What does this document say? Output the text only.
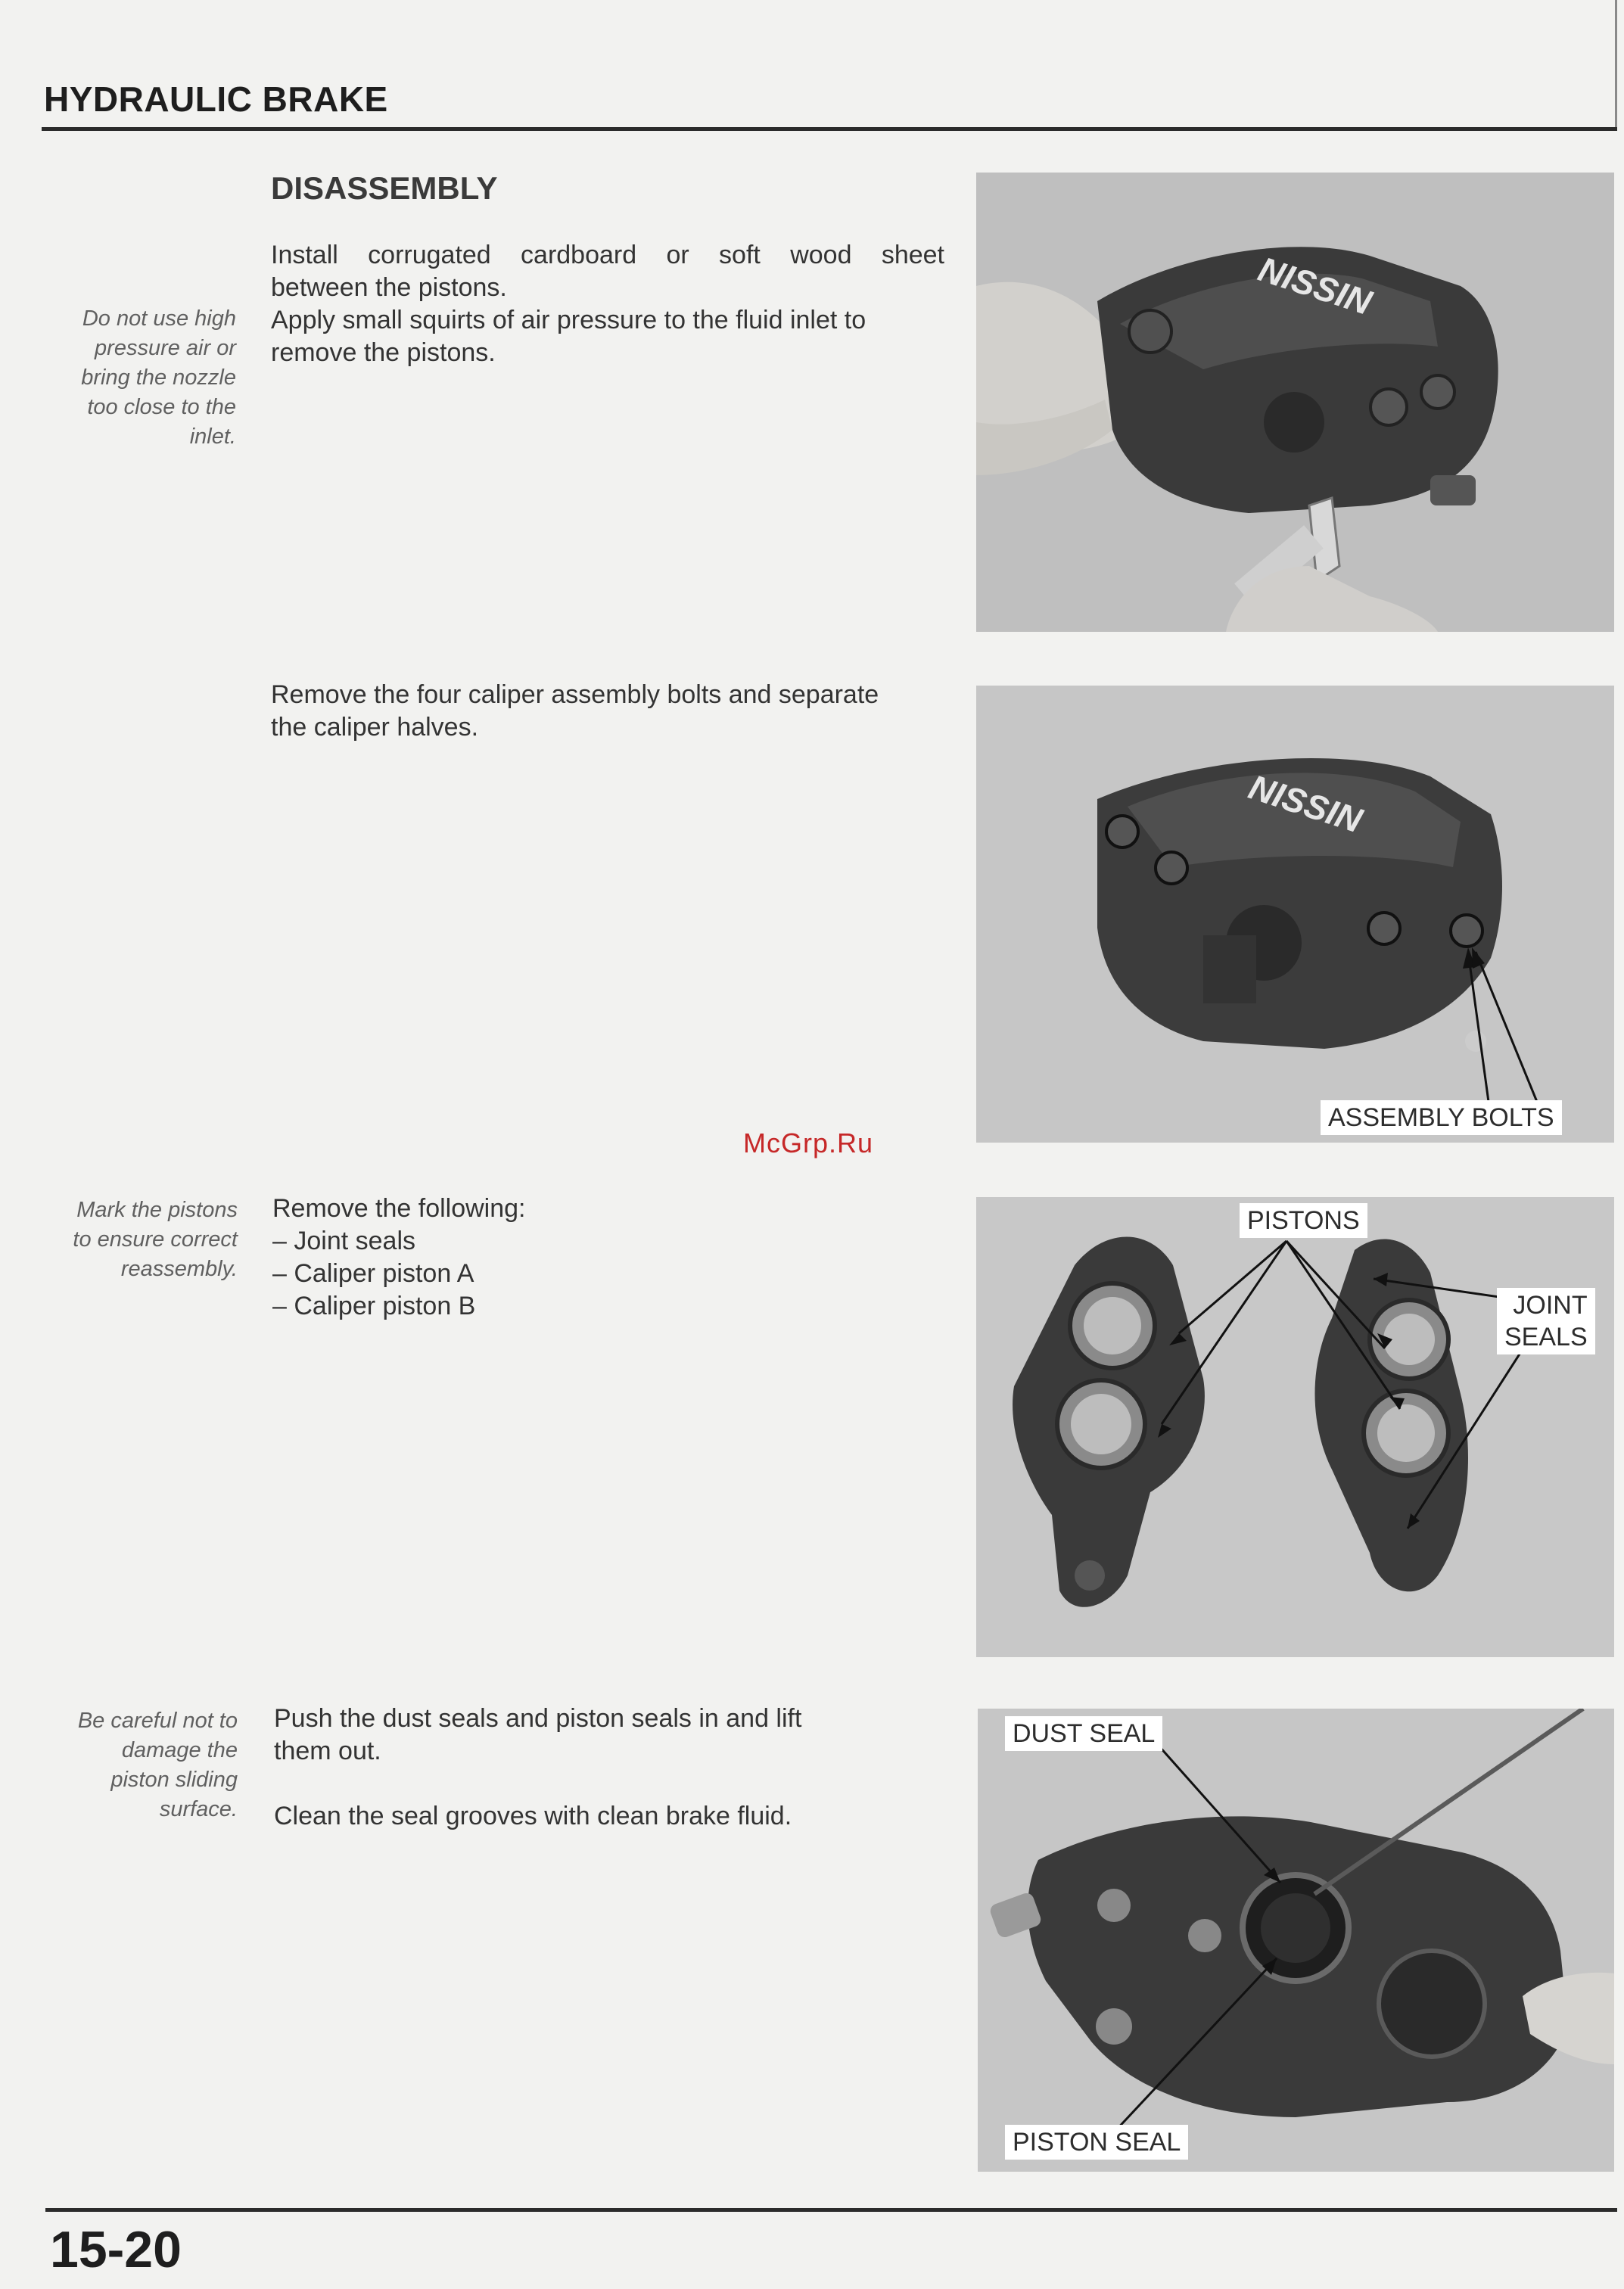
HYDRAULIC BRAKE
DISASSEMBLY
Do not use high
pressure air or
bring the nozzle
too close to the
inlet.
Install corrugated cardboard or soft wood sheet
between the pistons.
Apply small squirts of air pressure to the fluid inlet to
remove the pistons.
NISSIN
Remove the four caliper assembly bolts and separate
the caliper halves.
NISSIN
ASSEMBLY BOLTS
McGrp.Ru
Mark the pistons
to ensure correct
reassembly.
Remove the following:
– Joint seals
– Caliper piston A
– Caliper piston B
PISTONS
JOINT
SEALS
Be careful not to
damage the
piston sliding
surface.
Push the dust seals and piston seals in and lift
them out.
Clean the seal grooves with clean brake fluid.
DUST SEAL
PISTON SEAL
15-20
